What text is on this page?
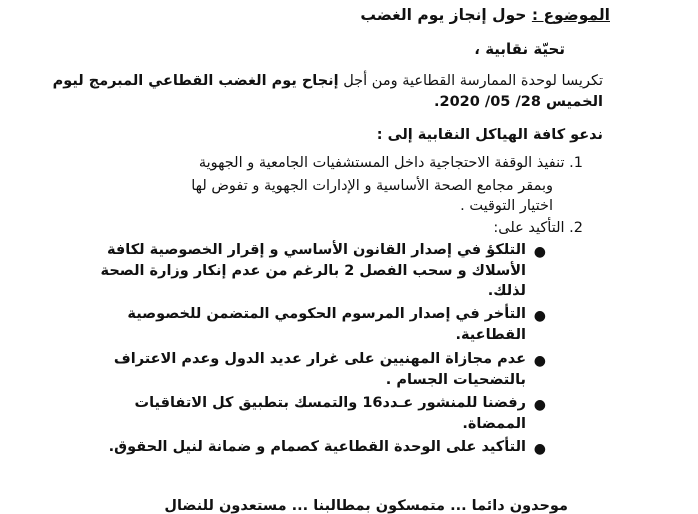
الموضوع : حول إنجاز يوم الغضب
تحيّة نقابية ،
تكريسا لوحدة الممارسة القطاعية ومن أجل إنجاح يوم الغضب القطاعي المبرمج ليوم
الخميس 28/ 05/ 2020.
ندعو كافة الهياكل النقابية إلى :
1. تنفيذ الوقفة الاحتجاجية داخل المستشفيات الجامعية و الجهوية
وبمقر مجامع الصحة الأساسية و الإدارات الجهوية و تفوض لها
اختيار التوقيت .
2. التأكيد على:
●
التلكؤ في إصدار القانون الأساسي و إقرار الخصوصية لكافة
الأسلاك و سحب الفصل 2 بالرغم من عدم إنكار وزارة الصحة
لذلك.
●
التأخر في إصدار المرسوم الحكومي المتضمن للخصوصية
القطاعية.
●
عدم مجازاة المهنيين على غرار عديد الدول وعدم الاعتراف
بالتضحيات الجسام .
●
رفضنا للمنشور عـدد16 والتمسك بتطبيق كل الاتفاقيات
الممضاة.
●
التأكيد على الوحدة القطاعية كصمام و ضمانة لنيل الحقوق.
موحدون دائما ... متمسكون بمطالبنا ... مستعدون للنضال
